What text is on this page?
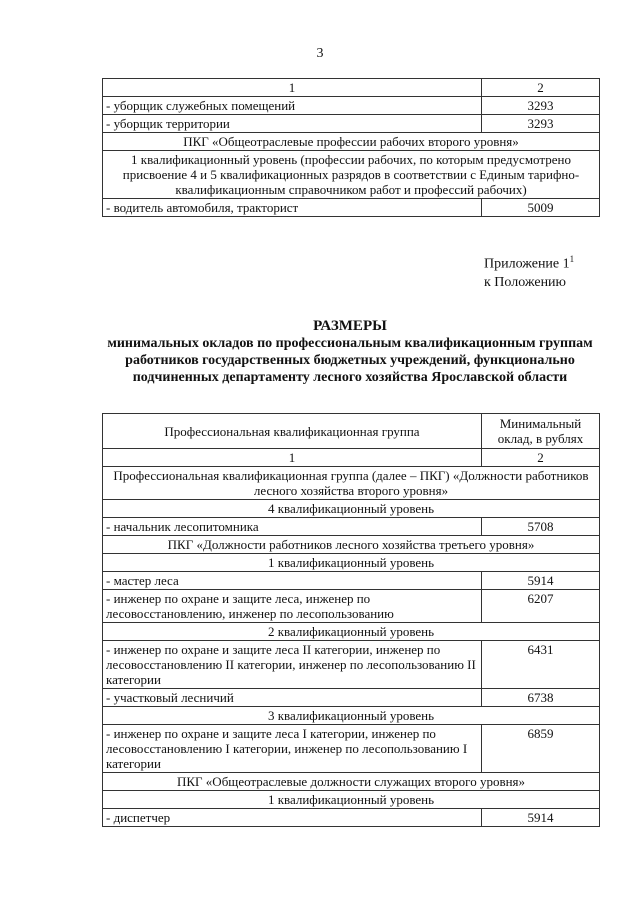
3
1	2
- уборщик служебных помещений	3293
- уборщик территории	3293
ПКГ «Общеотраслевые профессии рабочих второго уровня»	
1 квалификационный уровень (профессии рабочих, по которым предусмотрено присвоение 4 и 5 квалификационных разрядов в соответствии с Единым тарифно-квалификационным справочником работ и профессий рабочих)	
- водитель автомобиля, тракторист	5009
Приложение $1^1$
к Положению
РАЗМЕРЫ
минимальных окладов по профессиональным квалификационным группам работников государственных бюджетных учреждений, функционально подчиненных департаменту лесного хозяйства Ярославской области
Профессиональная квалификационная группа	Минимальный оклад, в рублях
1	2
Профессиональная квалификационная группа (далее – ПКГ) «Должности работников лесного хозяйства второго уровня»	
4 квалификационный уровень	
- начальник лесопитомника	5708
ПКГ «Должности работников лесного хозяйства третьего уровня»	
1 квалификационный уровень	
- мастер леса	5914
- инженер по охране и защите леса, инженер по лесовосстановлению, инженер по лесопользованию	6207
2 квалификационный уровень	
- инженер по охране и защите леса II категории, инженер по лесовосстановлению II категории, инженер по лесопользованию II категории	6431
- участковый лесничий	6738
3 квалификационный уровень	
- инженер по охране и защите леса I категории, инженер по лесовосстановлению I категории, инженер по лесопользованию I категории	6859
ПКГ «Общеотраслевые должности служащих второго уровня»	
1 квалификационный уровень	
- диспетчер	5914
